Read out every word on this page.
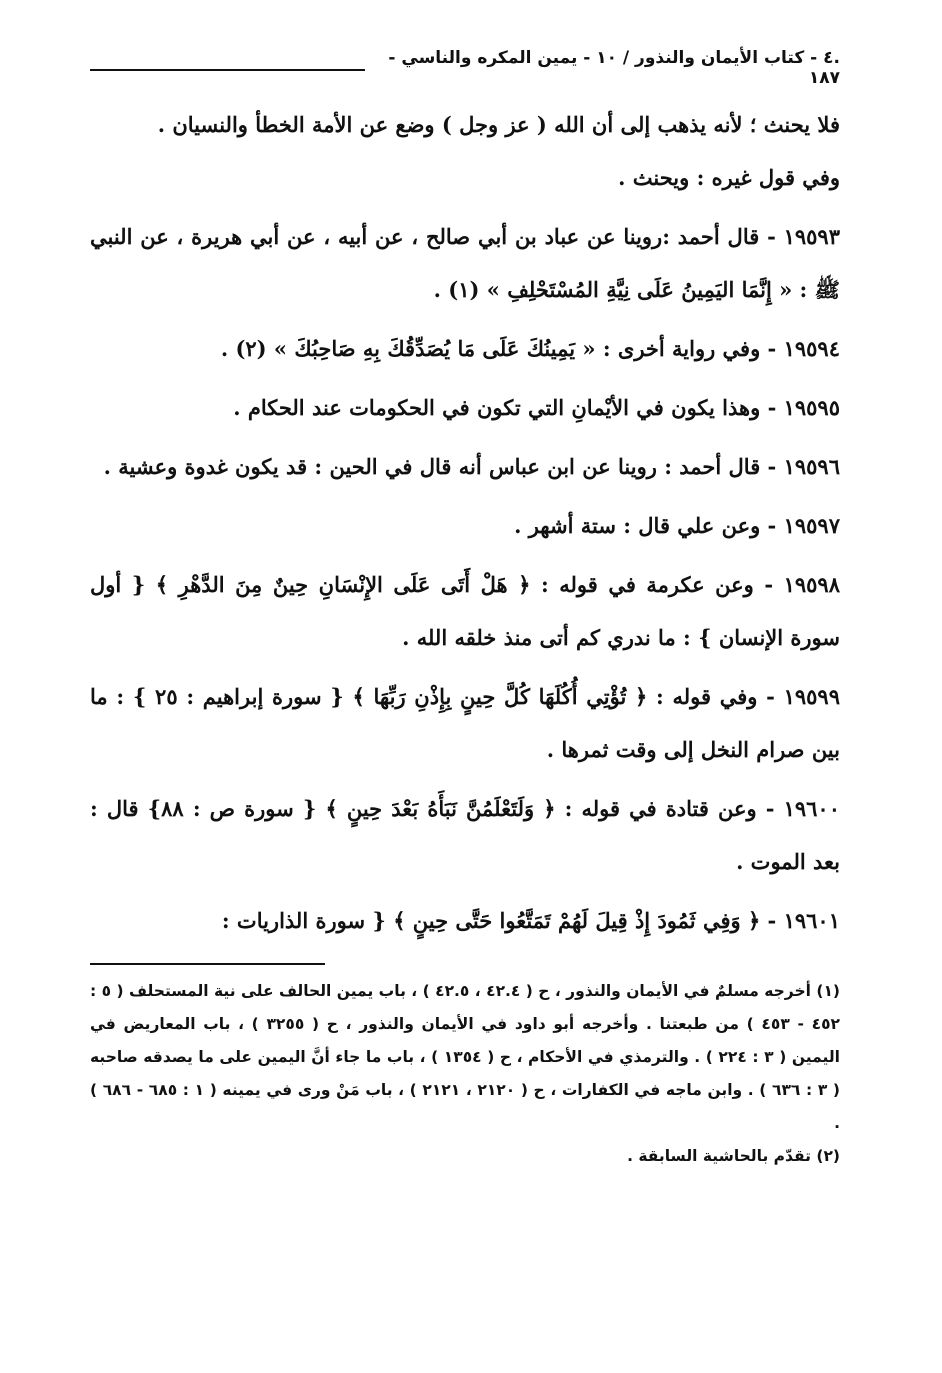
.٤ - كتاب الأيمان والنذور / ١٠ - يمين المكره والناسي - ١٨٧

فلا يحنث ؛ لأنه يذهب إلى أن الله ( عز وجل ) وضع عن الأمة الخطأ والنسيان .

وفي قول غيره : ويحنث .

١٩٥٩٣ - قال أحمد :روينا عن عباد بن أبي صالح ، عن أبيه ، عن أبي هريرة ، عن النبي ﷺ : « إِنَّمَا اليَمِينُ عَلَى نِيَّةِ المُسْتَحْلِفِ » (١) .

١٩٥٩٤ - وفي رواية أخرى : « يَمِينُكَ عَلَى مَا يُصَدِّقُكَ بِهِ صَاحِبُكَ » (٢) .

١٩٥٩٥ - وهذا يكون في الأيْمانِ التي تكون في الحكومات عند الحكام .

١٩٥٩٦ - قال أحمد : روينا عن ابن عباس أنه قال في الحين : قد يكون غدوة وعشية .

١٩٥٩٧ - وعن علي قال : ستة أشهر .

١٩٥٩٨ - وعن عكرمة في قوله : ﴿ هَلْ أَتَى عَلَى الإِنْسَانِ حِينٌ مِنَ الدَّهْرِ ﴾ { أول سورة الإنسان } : ما ندري كم أتى منذ خلقه الله .

١٩٥٩٩ - وفي قوله : ﴿ تُؤْتِي أُكُلَهَا كُلَّ حِينٍ بِإِذْنِ رَبِّهَا ﴾ { سورة إبراهيم : ٢٥ } : ما بين صرام النخل إلى وقت ثمرها .

١٩٦٠٠ - وعن قتادة في قوله : ﴿ وَلَتَعْلَمُنَّ نَبَأَهُ بَعْدَ حِينٍ ﴾ { سورة ص : ٨٨} قال : بعد الموت .

١٩٦٠١ - ﴿ وَفِي ثَمُودَ إِذْ قِيلَ لَهُمْ تَمَتَّعُوا حَتَّى حِينٍ ﴾ { سورة الذاريات :

(١) أخرجه مسلمٌ في الأيمان والنذور ، ح ( ٤٢.٤ ، ٤٢.٥ ) ، باب يمين الحالف على نية المستحلف ( ٥ : ٤٥٢ - ٤٥٣ ) من طبعتنا . وأخرجه أبو داود في الأيمان والنذور ، ح ( ٣٢٥٥ ) ، باب المعاريض في اليمين ( ٣ : ٢٢٤ ) . والترمذي في الأحكام ، ح ( ١٣٥٤ ) ، باب ما جاء أنَّ اليمين على ما يصدقه صاحبه ( ٣ : ٦٣٦ ) . وابن ماجه في الكفارات ، ح ( ٢١٢٠ ، ٢١٢١ ) ، باب مَنْ ورى في يمينه ( ١ : ٦٨٥ - ٦٨٦ ) .

(٢) تقدّم بالحاشية السابقة .
